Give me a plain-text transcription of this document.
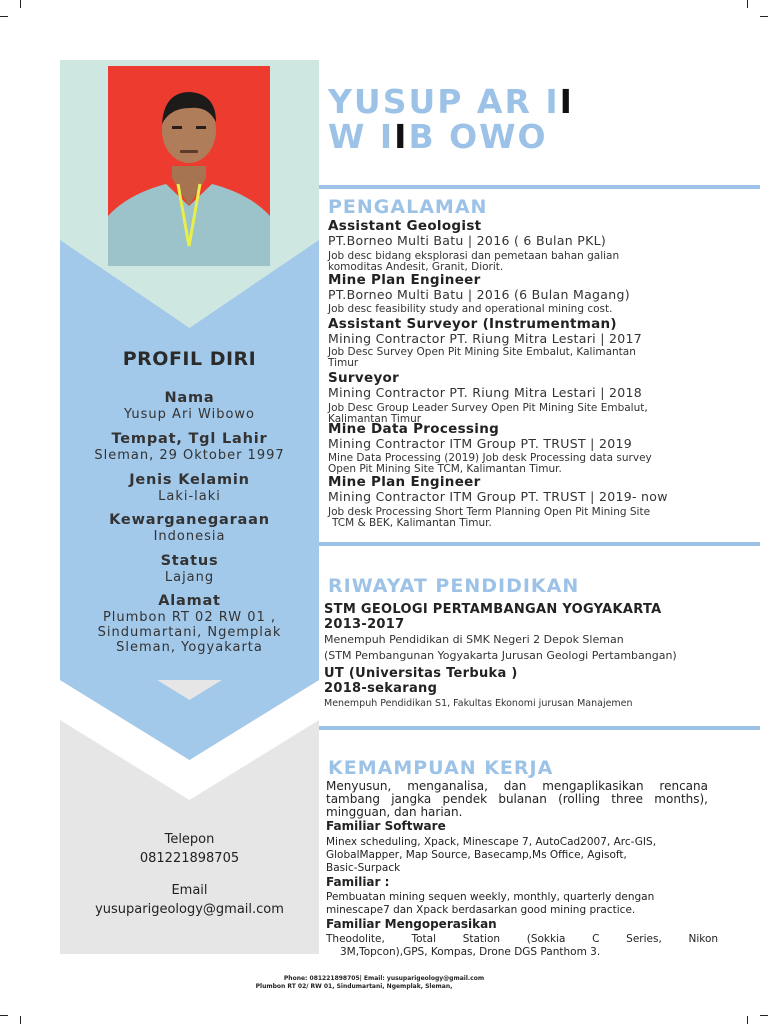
PROFIL DIRI
Nama
Yusup Ari Wibowo
Tempat, Tgl Lahir
Sleman, 29 Oktober 1997
Jenis Kelamin
Laki-laki
Kewarganegaraan
Indonesia
Status
Lajang
Alamat
Plumbon RT 02 RW 01 ,
Sindumartani, Ngemplak
Sleman, Yogyakarta
Telepon
081221898705
Email
yusuparigeology@gmail.com
YUSUP AR II
W IIB OWO
PENGALAMAN
Assistant Geologist
PT.Borneo Multi Batu | 2016 ( 6 Bulan PKL)
Job desc bidang eksplorasi dan pemetaan bahan galian
komoditas Andesit, Granit, Diorit.
Mine Plan Engineer
PT.Borneo Multi Batu | 2016 (6 Bulan Magang)
Job desc feasibility study and operational mining cost.
Assistant Surveyor (Instrumentman)
Mining Contractor PT. Riung Mitra Lestari | 2017
Job Desc Survey Open Pit Mining Site Embalut, Kalimantan
Timur
Surveyor
Mining Contractor PT. Riung Mitra Lestari | 2018
Job Desc Group Leader Survey Open Pit Mining Site Embalut,
Kalimantan Timur
Mine Data Processing
Mining Contractor ITM Group PT. TRUST | 2019
Mine Data Processing (2019) Job desk Processing data survey
Open Pit Mining Site TCM, Kalimantan Timur.
Mine Plan Engineer
Mining Contractor ITM Group PT. TRUST | 2019- now
Job desk Processing Short Term Planning Open Pit Mining Site
TCM & BEK, Kalimantan Timur.
RIWAYAT PENDIDIKAN
STM GEOLOGI PERTAMBANGAN YOGYAKARTA
2013-2017
Menempuh Pendidikan di SMK Negeri 2 Depok Sleman
(STM Pembangunan Yogyakarta Jurusan Geologi Pertambangan)
UT (Universitas Terbuka )
2018-sekarang
Menempuh Pendidikan S1, Fakultas Ekonomi jurusan Manajemen
KEMAMPUAN KERJA
Menyusun, menganalisa, dan mengaplikasikan rencana tambang jangka pendek bulanan (rolling three months), mingguan, dan harian.
Familiar Software
Minex scheduling, Xpack, Minescape 7, AutoCad2007, Arc-GIS,
GlobalMapper, Map Source, Basecamp,Ms Office, Agisoft,
Basic-Surpack
Familiar :
Pembuatan mining sequen weekly, monthly, quarterly dengan
minescape7 dan Xpack berdasarkan good mining practice.
Familiar Mengoperasikan
Theodolite,        Total        Station        (Sokkia        C        Series,        Nikon
3M,Topcon),GPS, Kompas, Drone DGS Panthom 3.
Phone: 081221898705| Email: yusuparigeology@gmail.com
Plumbon RT 02/ RW 01, Sindumartani, Ngemplak, Sleman,
